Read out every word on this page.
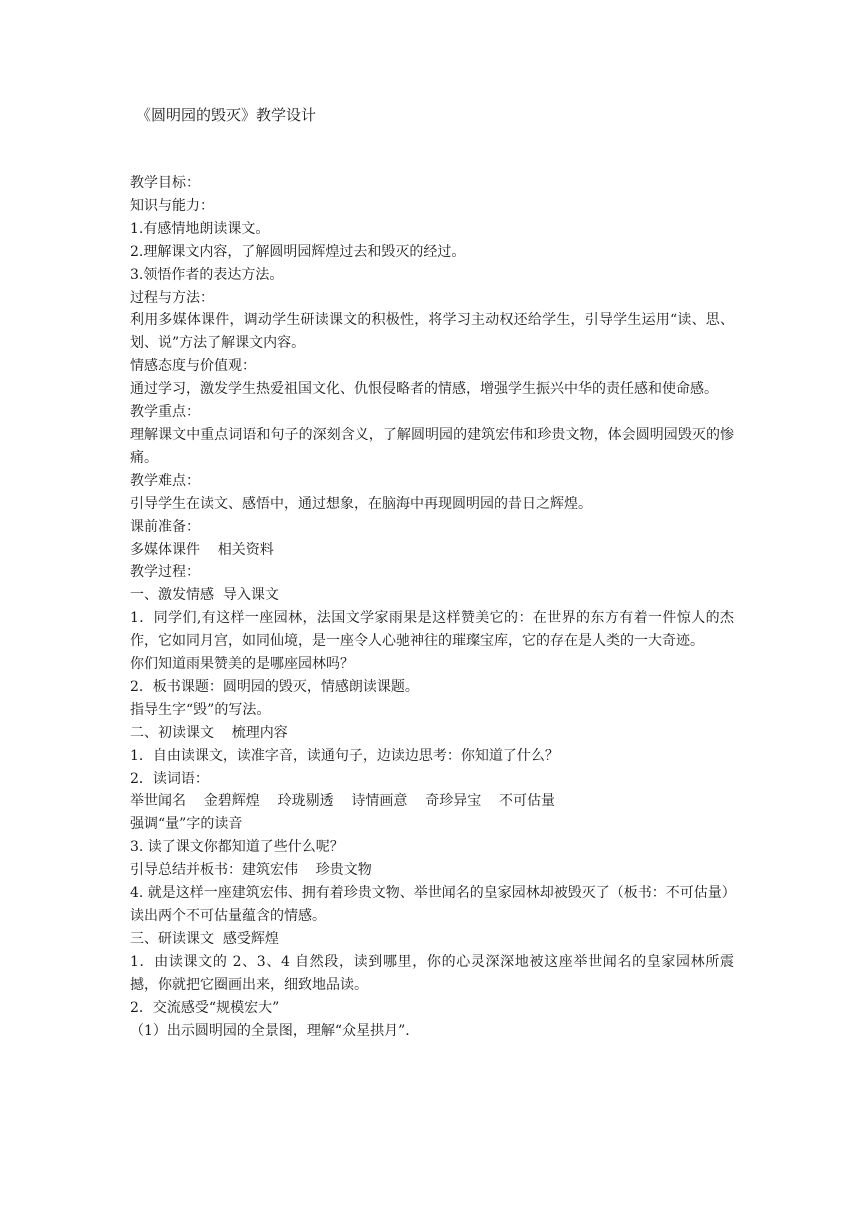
《圆明园的毁灭》教学设计
教学目标：
知识与能力：
1.有感情地朗读课文。
2.理解课文内容，了解圆明园辉煌过去和毁灭的经过。
3.领悟作者的表达方法。
过程与方法：
利用多媒体课件，调动学生研读课文的积极性，将学习主动权还给学生，引导学生运用“读、思、划、说”方法了解课文内容。
情感态度与价值观：
通过学习，激发学生热爱祖国文化、仇恨侵略者的情感，增强学生振兴中华的责任感和使命感。
教学重点：
理解课文中重点词语和句子的深刻含义，了解圆明园的建筑宏伟和珍贵文物，体会圆明园毁灭的惨痛。
教学难点：
引导学生在读文、感悟中，通过想象，在脑海中再现圆明园的昔日之辉煌。
课前准备：
多媒体课件    相关资料
教学过程：
一、激发情感  导入课文
1．同学们,有这样一座园林，法国文学家雨果是这样赞美它的：在世界的东方有着一件惊人的杰作，它如同月宫，如同仙境，是一座令人心驰神往的璀璨宝库，它的存在是人类的一大奇迹。
你们知道雨果赞美的是哪座园林吗？
2．板书课题：圆明园的毁灭，情感朗读课题。
指导生字“毁”的写法。
二、初读课文    梳理内容
1．自由读课文，读准字音，读通句子，边读边思考：你知道了什么？
2．读词语：
举世闻名    金碧辉煌    玲珑剔透    诗情画意    奇珍异宝    不可估量
强调“量”字的读音
3. 读了课文你都知道了些什么呢？
引导总结并板书：建筑宏伟    珍贵文物
4. 就是这样一座建筑宏伟、拥有着珍贵文物、举世闻名的皇家园林却被毁灭了（板书：不可估量）
读出两个不可估量蕴含的情感。
三、研读课文  感受辉煌
1．由读课文的 2、3、4 自然段，读到哪里，你的心灵深深地被这座举世闻名的皇家园林所震撼，你就把它圈画出来，细致地品读。
2．交流感受“规模宏大”
（1）出示圆明园的全景图，理解“众星拱月”.
